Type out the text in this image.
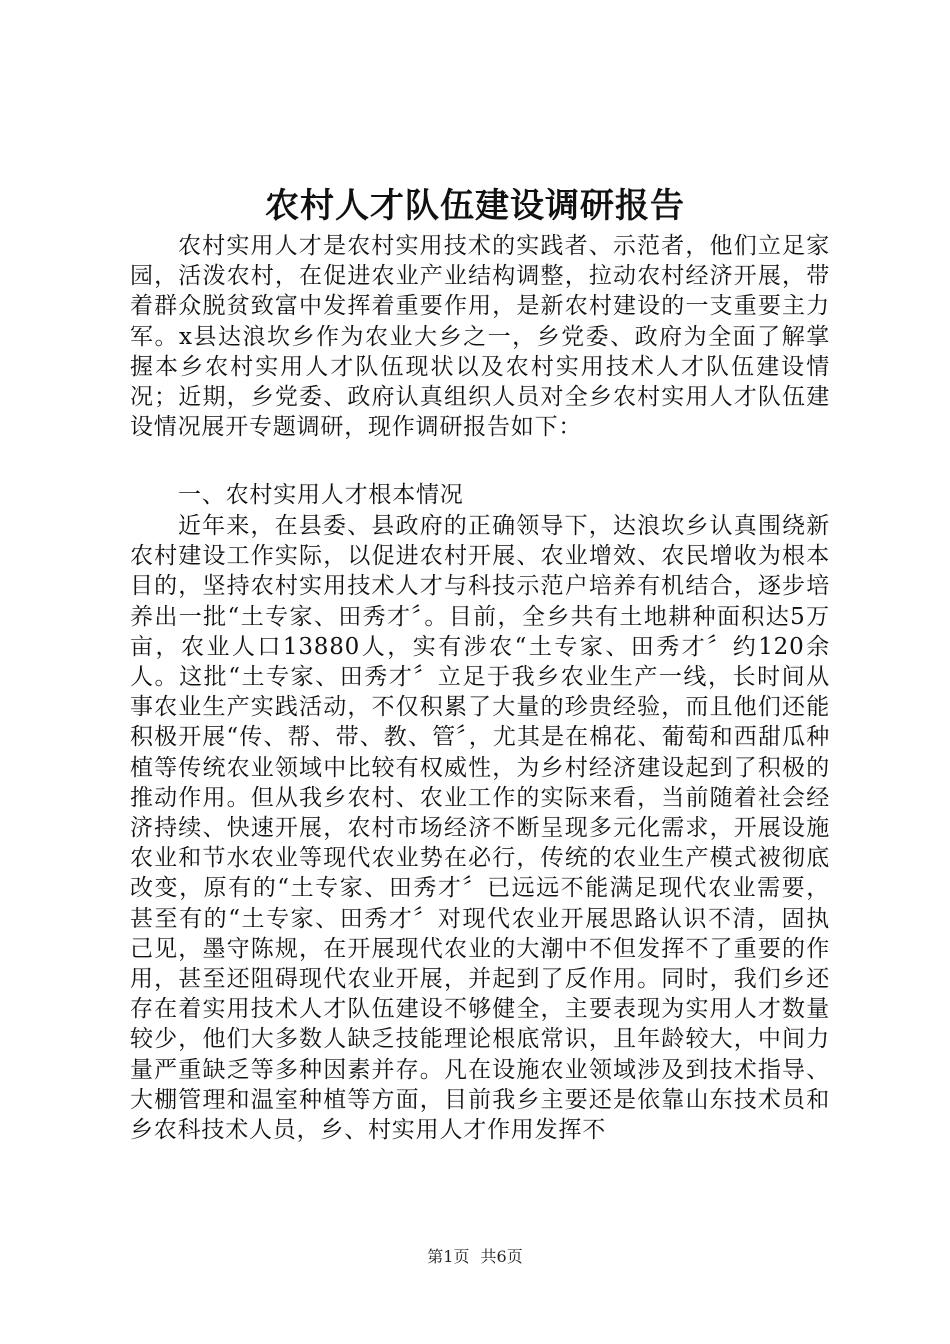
农村人才队伍建设调研报告

农村实用人才是农村实用技术的实践者、示范者，他们立足家园，活泼农村，在促进农业产业结构调整，拉动农村经济开展，带着群众脱贫致富中发挥着重要作用，是新农村建设的一支重要主力军。x县达浪坎乡作为农业大乡之一，乡党委、政府为全面了解掌握本乡农村实用人才队伍现状以及农村实用技术人才队伍建设情况；近期，乡党委、政府认真组织人员对全乡农村实用人才队伍建设情况展开专题调研，现作调研报告如下：

一、农村实用人才根本情况

近年来，在县委、县政府的正确领导下，达浪坎乡认真围绕新农村建设工作实际，以促进农村开展、农业增效、农民增收为根本目的，坚持农村实用技术人才与科技示范户培养有机结合，逐步培养出一批“土专家、田秀才〞。目前，全乡共有土地耕种面积达5万亩，农业人口13880人，实有涉农“土专家、田秀才〞约120余人。这批“土专家、田秀才〞立足于我乡农业生产一线，长时间从事农业生产实践活动，不仅积累了大量的珍贵经验，而且他们还能积极开展“传、帮、带、教、管〞，尤其是在棉花、葡萄和西甜瓜种植等传统农业领域中比较有权威性，为乡村经济建设起到了积极的推动作用。但从我乡农村、农业工作的实际来看，当前随着社会经济持续、快速开展，农村市场经济不断呈现多元化需求，开展设施农业和节水农业等现代农业势在必行，传统的农业生产模式被彻底改变，原有的“土专家、田秀才〞已远远不能满足现代农业需要，甚至有的“土专家、田秀才〞对现代农业开展思路认识不清，固执己见，墨守陈规，在开展现代农业的大潮中不但发挥不了重要的作用，甚至还阻碍现代农业开展，并起到了反作用。同时，我们乡还存在着实用技术人才队伍建设不够健全，主要表现为实用人才数量较少，他们大多数人缺乏技能理论根底常识，且年龄较大，中间力量严重缺乏等多种因素并存。凡在设施农业领域涉及到技术指导、大棚管理和温室种植等方面，目前我乡主要还是依靠山东技术员和乡农科技术人员，乡、村实用人才作用发挥不

第1页 共6页
